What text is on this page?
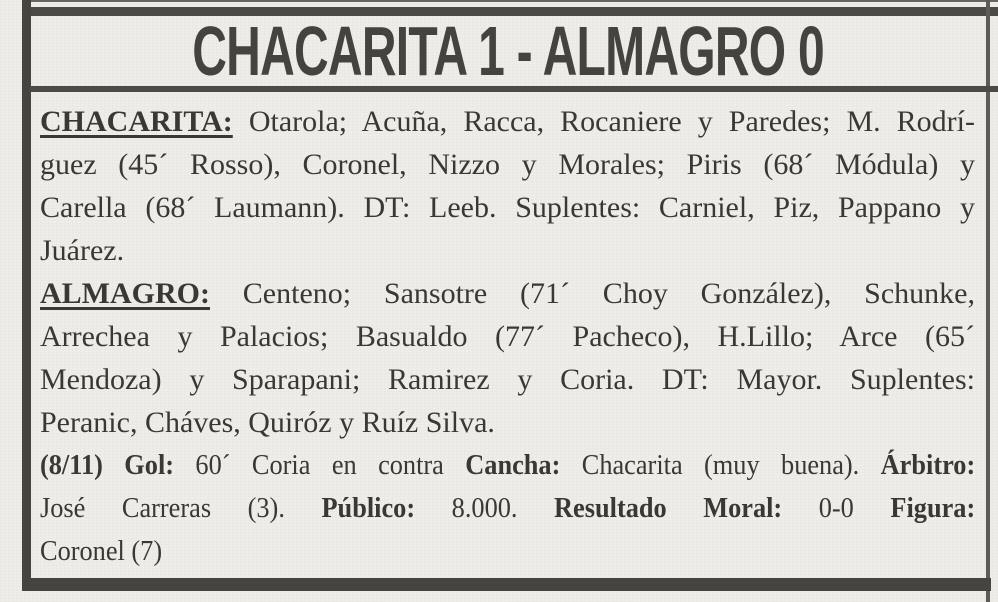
CHACARITA 1 - ALMAGRO 0
CHACARITA: Otarola; Acuña, Racca, Rocaniere y Paredes; M. Rodrí-
guez (45´ Rosso), Coronel, Nizzo y Morales; Piris (68´ Módula) y
Carella (68´ Laumann). DT: Leeb. Suplentes: Carniel, Piz, Pappano y
Juárez.
ALMAGRO: Centeno; Sansotre (71´ Choy González), Schunke,
Arrechea y Palacios; Basualdo (77´ Pacheco), H.Lillo; Arce (65´
Mendoza) y Sparapani; Ramirez y Coria. DT: Mayor. Suplentes:
Peranic, Cháves, Quiróz y Ruíz Silva.
(8/11) Gol: 60´ Coria en contra Cancha: Chacarita (muy buena). Árbitro:
José Carreras (3). Público: 8.000. Resultado Moral: 0-0 Figura:
Coronel (7)
